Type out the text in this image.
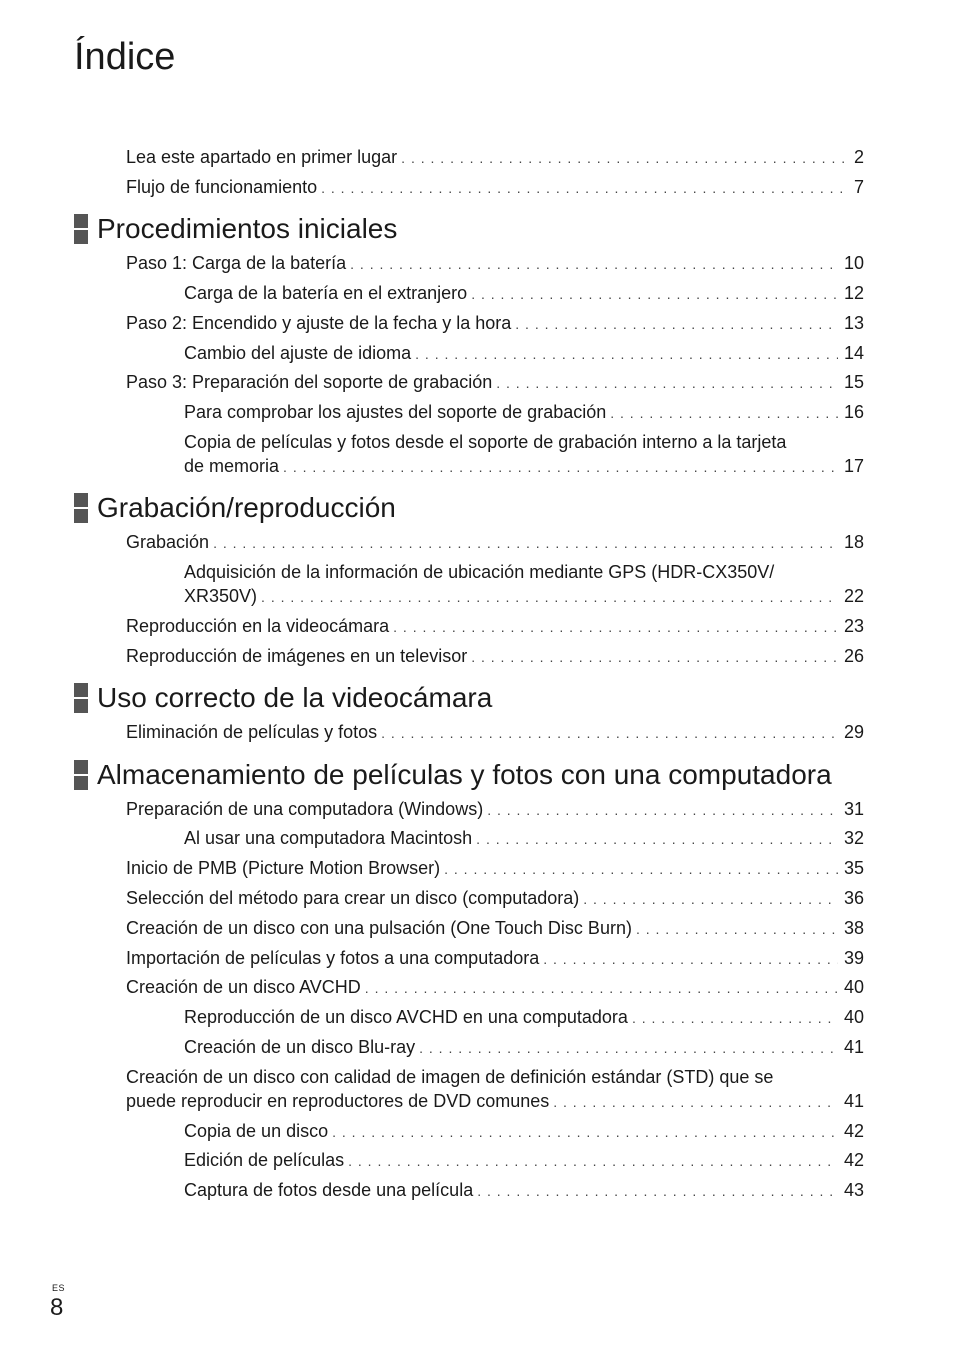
Índice
Lea este apartado en primer lugar . . .	2
Flujo de funcionamiento . . .	7
Procedimientos iniciales
Paso 1: Carga de la batería . . .	10
Carga de la batería en el extranjero . . .	12
Paso 2: Encendido y ajuste de la fecha y la hora . . .	13
Cambio del ajuste de idioma . . .	14
Paso 3: Preparación del soporte de grabación . . .	15
Para comprobar los ajustes del soporte de grabación . . .	16
Copia de películas y fotos desde el soporte de grabación interno a la tarjeta
de memoria . . .	17
Grabación/reproducción
Grabación . . .	18
Adquisición de la información de ubicación mediante GPS (HDR-CX350V/
XR350V) . . .	22
Reproducción en la videocámara . . .	23
Reproducción de imágenes en un televisor . . .	26
Uso correcto de la videocámara
Eliminación de películas y fotos . . .	29
Almacenamiento de películas y fotos con una computadora
Preparación de una computadora (Windows) . . .	31
Al usar una computadora Macintosh . . .	32
Inicio de PMB (Picture Motion Browser) . . .	35
Selección del método para crear un disco (computadora) . . .	36
Creación de un disco con una pulsación (One Touch Disc Burn) . . .	38
Importación de películas y fotos a una computadora . . .	39
Creación de un disco AVCHD . . .	40
Reproducción de un disco AVCHD en una computadora . . .	40
Creación de un disco Blu-ray . . .	41
Creación de un disco con calidad de imagen de definición estándar (STD) que se
puede reproducir en reproductores de DVD comunes . . .	41
Copia de un disco . . .	42
Edición de películas . . .	42
Captura de fotos desde una película . . .	43
ES
8
